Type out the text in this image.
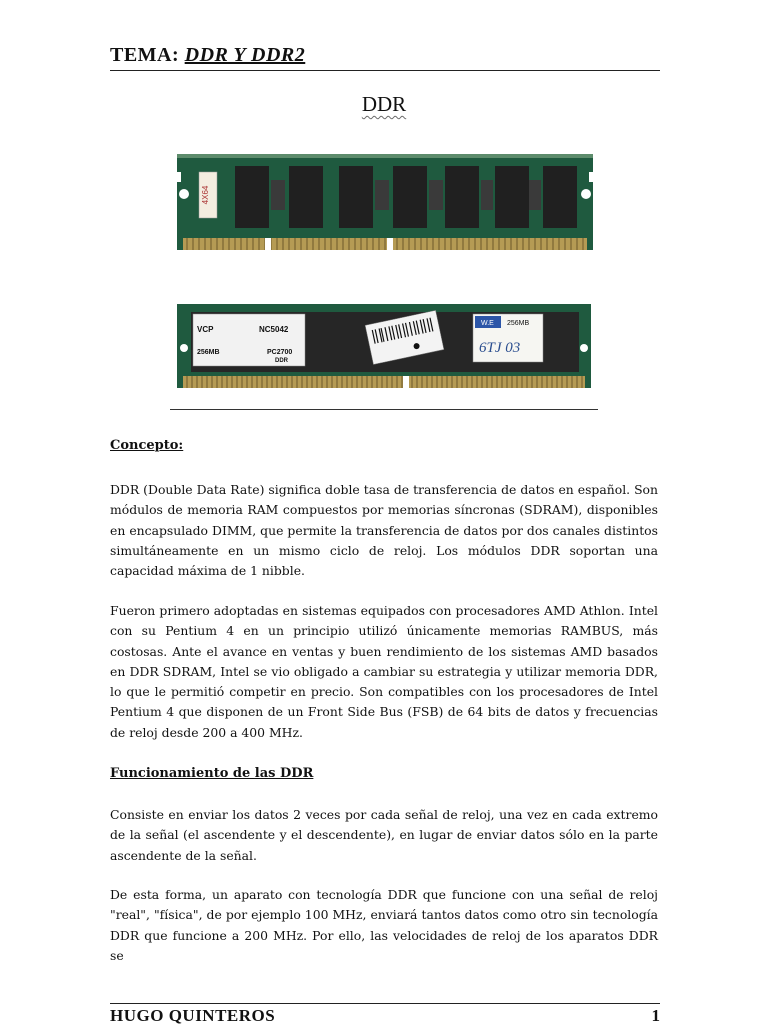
TEMA: DDR Y DDR2
DDR
4X64
VCP	NC5042
256MB	PC2700
DDR
W.E 256MB
6TJ 03
Concepto:
DDR (Double Data Rate) significa doble tasa de transferencia de datos en español. Son módulos de memoria RAM compuestos por memorias síncronas (SDRAM), disponibles en encapsulado DIMM, que permite la transferencia de datos por dos canales distintos simultáneamente en un mismo ciclo de reloj. Los módulos DDR soportan una capacidad máxima de 1 nibble.
Fueron primero adoptadas en sistemas equipados con procesadores AMD Athlon. Intel con su Pentium 4 en un principio utilizó únicamente memorias RAMBUS, más costosas. Ante el avance en ventas y buen rendimiento de los sistemas AMD basados en DDR SDRAM, Intel se vio obligado a cambiar su estrategia y utilizar memoria DDR, lo que le permitió competir en precio. Son compatibles con los procesadores de Intel Pentium 4 que disponen de un Front Side Bus (FSB) de 64 bits de datos y frecuencias de reloj desde 200 a 400 MHz.
Funcionamiento de las DDR
Consiste en enviar los datos 2 veces por cada señal de reloj, una vez en cada extremo de la señal (el ascendente y el descendente), en lugar de enviar datos sólo en la parte ascendente de la señal.
De esta forma, un aparato con tecnología DDR que funcione con una señal de reloj "real", "física", de por ejemplo 100 MHz, enviará tantos datos como otro sin tecnología DDR que funcione a 200 MHz. Por ello, las velocidades de reloj de los aparatos DDR se
HUGO QUINTEROS	1
